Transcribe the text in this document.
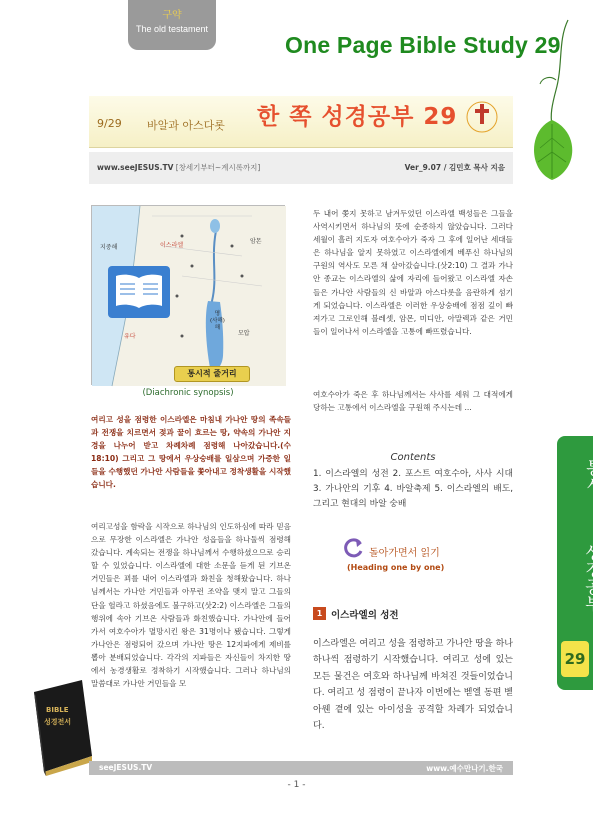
구약
The old testament
One Page Bible Study 29
9/29 바알과 아스다롯 한 쪽 성경공부 29
www.seeJESUS.TV [창세기부터~계시록까지]	Ver_9.07 / 김민호 목사 지음
지중해	이스라엘
유다
명
(사해)
해
모압
암몬
통시적 줄거리
(Diachronic synopsis)
여리고 성을 점령한 이스라엘은 마침내 가나안 땅의 족속들과 전쟁을 치르면서 젖과 꿀이 흐르는 땅, 약속의 가나안 지경을 나누어 받고 차례차례 점령해 나아갔습니다.(수18:10) 그리고 그 땅에서 우상숭배를 일삼으며 가증한 일들을 수행했던 가나안 사람들을 쫓아내고 정착생활을 시작했습니다.
여리고성을 함락을 시작으로 하나님의 인도하심에 따라 믿음으로 무장한 이스라엘은 가나안 성읍들을 하나둘씩 점령해 갔습니다. 계속되는 전쟁을 하나님께서 수행하셨으므로 승리할 수 있었습니다. 이스라엘에 대한 소문을 듣게 된 기브온 거민들은 꾀를 내어 이스라엘과 화친을 청해왔습니다. 하나님께서는 가나안 거민들과 아무런 조약을 맺지 말고 그들의 단을 헐라고 하셨음에도 불구하고(삿2:2) 이스라엘은 그들의 행위에 속아 기브온 사람들과 화친했습니다. 가나안에 들어가서 여호수아가 멸망시킨 왕은 31명이나 됐습니다. 그렇게 가나안은 점령되어 갔으며 가나안 땅은 12지파에게 제비를 뽑아 분배되었습니다. 각각의 지파들은 자신들이 차지한 땅에서 농경생활로 정착하기 시작했습니다. 그러나 하나님의 말씀대로 가나안 거민들을 모
두 내어 쫓지 못하고 남겨두었던 이스라엘 백성들은 그들을 사역시키면서 하나님의 뜻에 순종하지 않았습니다. 그러다 세월이 흘러 지도자 여호수아가 죽자 그 후에 일어난 세대들은 하나님을 알지 못하였고 이스라엘에게 베푸신 하나님의 구원의 역사도 모른 채 살아갔습니다.(삿2:10) 그 결과 가나안 종교는 이스라엘의 삶에 자리에 들어왔고 이스라엘 자손들은 가나안 사람들의 신 바알과 아스다롯을 음란하게 섬기게 되었습니다. 이스라엘은 이러한 우상숭배에 점점 깊이 빠져가고 그로인해 블레셋, 암몬, 미디안, 아말렉과 같은 거민들이 일어나서 이스라엘을 고통에 빠뜨렸습니다.
여호수아가 죽은 후 하나님께서는 사사를 세워 그 대적에게 당하는 고통에서 이스라엘을 구원해 주시는데 ...
Contents
1. 이스라엘의 성전 2. 포스트 여호수아, 사사 시대 3. 가나안의 기후 4. 바알축제 5. 이스라엘의 배도, 그리고 현대의 바알 숭배
돌아가면서 읽기
(Heading one by one)
1 이스라엘의 성전
이스라엘은 여리고 성을 점령하고 가나안 땅을 하나하나씩 점령하기 시작했습니다. 여리고 성에 있는 모든 물건은 여호와 하나님께 바쳐진 것들이었습니다. 여리고 성 점령이 끝나자 이번에는 벧엘 동편 벧아웬 곁에 있는 아이성을 공격할 차례가 되었습니다.
통시
성경공부
29
BIBLE
성경전서
seeJESUS.TV	www.예수만나기.한국
- 1 -
